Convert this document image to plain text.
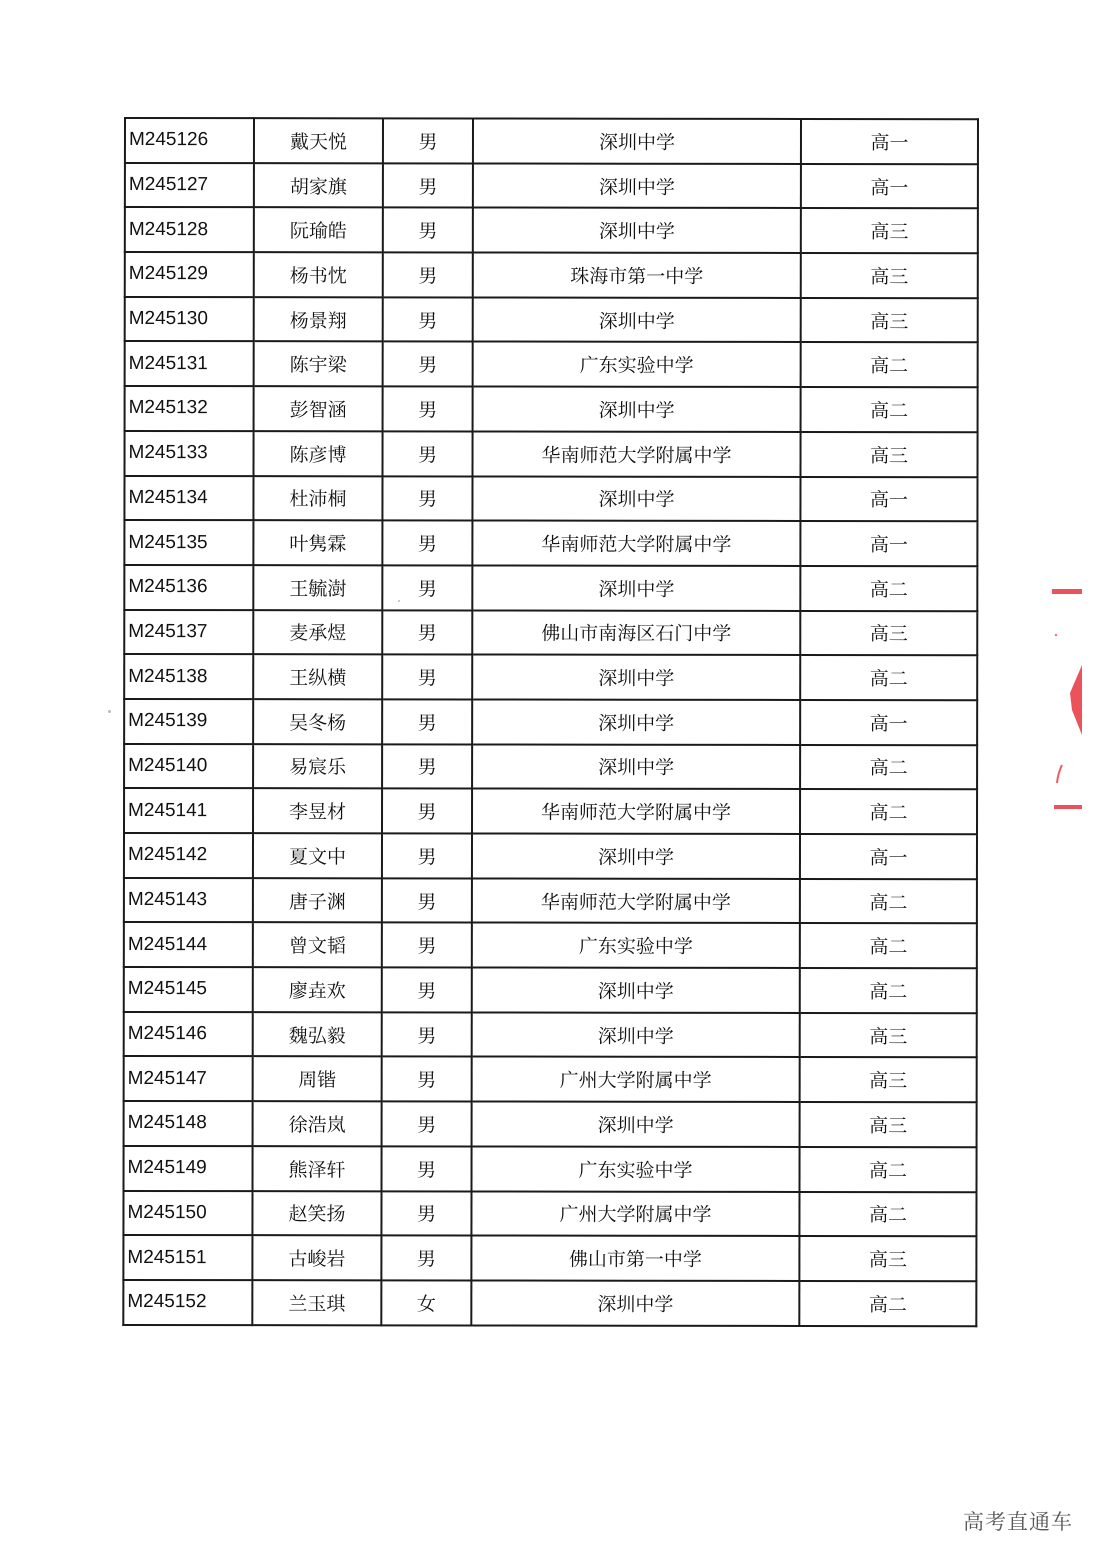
M245126	戴天悦	男	深圳中学	高一
M245127	胡家旗	男	深圳中学	高一
M245128	阮瑜皓	男	深圳中学	高三
M245129	杨书忱	男	珠海市第一中学	高三
M245130	杨景翔	男	深圳中学	高三
M245131	陈宇梁	男	广东实验中学	高二
M245132	彭智涵	男	深圳中学	高二
M245133	陈彦博	男	华南师范大学附属中学	高三
M245134	杜沛桐	男	深圳中学	高一
M245135	叶隽霖	男	华南师范大学附属中学	高一
M245136	王毓澍	男	深圳中学	高二
M245137	麦承煜	男	佛山市南海区石门中学	高三
M245138	王纵横	男	深圳中学	高二
M245139	吴冬杨	男	深圳中学	高一
M245140	易宸乐	男	深圳中学	高二
M245141	李昱材	男	华南师范大学附属中学	高二
M245142	夏文中	男	深圳中学	高一
M245143	唐子渊	男	华南师范大学附属中学	高二
M245144	曾文韬	男	广东实验中学	高二
M245145	廖垚欢	男	深圳中学	高二
M245146	魏弘毅	男	深圳中学	高三
M245147	周锴	男	广州大学附属中学	高三
M245148	徐浩岚	男	深圳中学	高三
M245149	熊泽轩	男	广东实验中学	高二
M245150	赵笑扬	男	广州大学附属中学	高二
M245151	古峻岩	男	佛山市第一中学	高三
M245152	兰玉琪	女	深圳中学	高二
高考直通车
